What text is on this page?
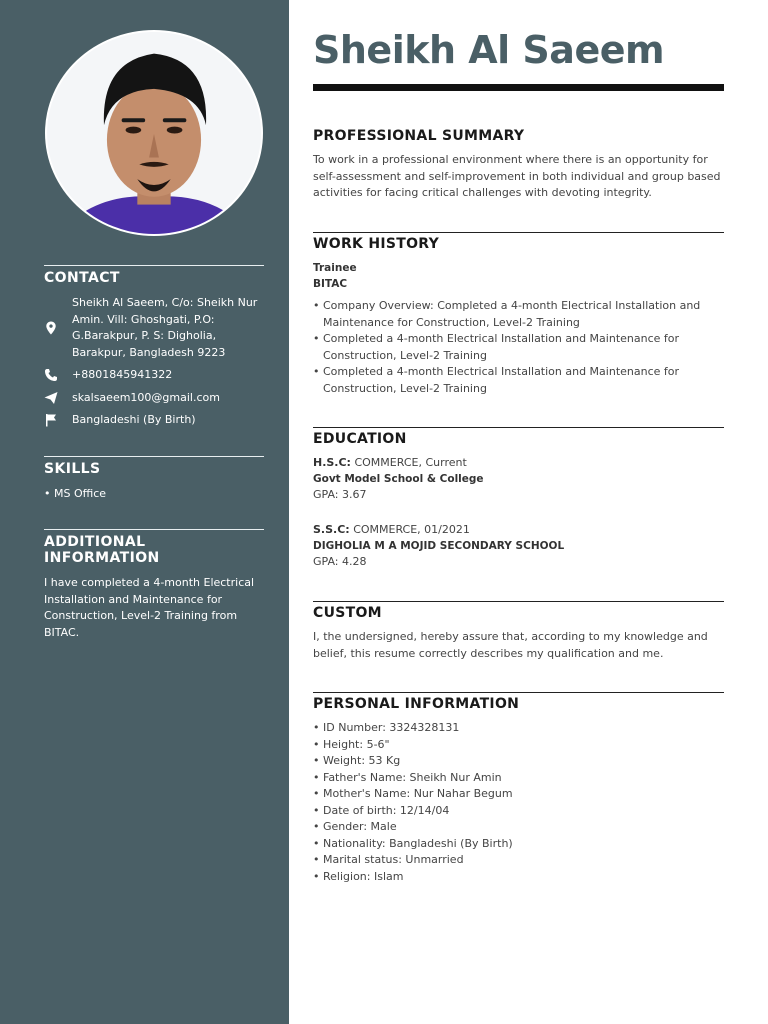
CONTACT
Sheikh Al Saeem, C/o: Sheikh Nur Amin. Vill: Ghoshgati, P.O: G.Barakpur, P. S: Digholia, Barakpur, Bangladesh 9223
+8801845941322
skalsaeem100@gmail.com
Bangladeshi (By Birth)
SKILLS
• MS Office
ADDITIONAL INFORMATION
I have completed a 4-month Electrical Installation and Maintenance for Construction, Level-2 Training from BITAC.
Sheikh Al Saeem
PROFESSIONAL SUMMARY
To work in a professional environment where there is an opportunity for self-assessment and self-improvement in both individual and group based activities for facing critical challenges with devoting integrity.
WORK HISTORY
Trainee
BITAC
• Company Overview: Completed a 4-month Electrical Installation and Maintenance for Construction, Level-2 Training
• Completed a 4-month Electrical Installation and Maintenance for Construction, Level-2 Training
• Completed a 4-month Electrical Installation and Maintenance for Construction, Level-2 Training
EDUCATION
H.S.C: COMMERCE, Current
Govt Model School & College
GPA: 3.67
S.S.C: COMMERCE, 01/2021
DIGHOLIA M A MOJID SECONDARY SCHOOL
GPA: 4.28
CUSTOM
I, the undersigned, hereby assure that, according to my knowledge and belief, this resume correctly describes my qualification and me.
PERSONAL INFORMATION
• ID Number: 3324328131
• Height: 5-6"
• Weight: 53 Kg
• Father's Name: Sheikh Nur Amin
• Mother's Name: Nur Nahar Begum
• Date of birth: 12/14/04
• Gender: Male
• Nationality: Bangladeshi (By Birth)
• Marital status: Unmarried
• Religion: Islam
